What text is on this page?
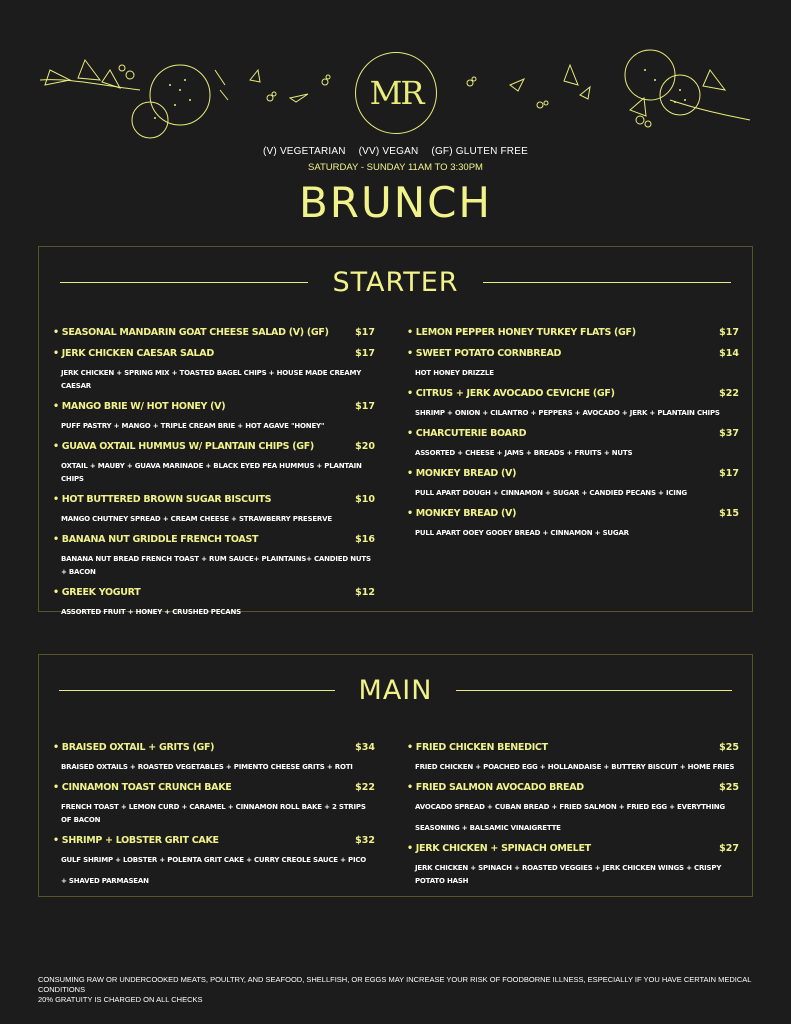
MR
(V) VEGETARIAN (VV) VEGAN (GF) GLUTEN FREE
SATURDAY - SUNDAY 11AM TO 3:30PM
BRUNCH
STARTER
• SEASONAL MANDARIN GOAT CHEESE SALAD (V) (GF)	$17
• JERK CHICKEN CAESAR SALAD	$17
JERK CHICKEN + SPRING MIX + TOASTED BAGEL CHIPS + HOUSE MADE CREAMY CAESAR
• MANGO BRIE W/ HOT HONEY (V)	$17
PUFF PASTRY + MANGO + TRIPLE CREAM BRIE + HOT AGAVE "HONEY"
• GUAVA OXTAIL HUMMUS W/ PLANTAIN CHIPS (GF)	$20
OXTAIL + MAUBY + GUAVA MARINADE + BLACK EYED PEA HUMMUS + PLANTAIN CHIPS
• HOT BUTTERED BROWN SUGAR BISCUITS	$10
MANGO CHUTNEY SPREAD + CREAM CHEESE + STRAWBERRY PRESERVE
• BANANA NUT GRIDDLE FRENCH TOAST	$16
BANANA NUT BREAD FRENCH TOAST + RUM SAUCE+ PLAINTAINS+ CANDIED NUTS + BACON
• GREEK YOGURT	$12
ASSORTED FRUIT + HONEY + CRUSHED PECANS
• LEMON PEPPER HONEY TURKEY FLATS (GF)	$17
• SWEET POTATO CORNBREAD	$14
HOT HONEY DRIZZLE
• CITRUS + JERK AVOCADO CEVICHE (GF)	$22
SHRIMP + ONION + CILANTRO + PEPPERS + AVOCADO + JERK + PLANTAIN CHIPS
• CHARCUTERIE BOARD	$37
ASSORTED + CHEESE + JAMS + BREADS + FRUITS + NUTS
• MONKEY BREAD (V)	$17
PULL APART DOUGH + CINNAMON + SUGAR + CANDIED PECANS + ICING
• MONKEY BREAD (V)	$15
PULL APART OOEY GOOEY BREAD + CINNAMON + SUGAR
MAIN
• BRAISED OXTAIL + GRITS (GF)	$34
BRAISED OXTAILS + ROASTED VEGETABLES + PIMENTO CHEESE GRITS + ROTI
• CINNAMON TOAST CRUNCH BAKE	$22
FRENCH TOAST + LEMON CURD + CARAMEL + CINNAMON ROLL BAKE + 2 STRIPS OF BACON
• SHRIMP + LOBSTER GRIT CAKE	$32
GULF SHRIMP + LOBSTER + POLENTA GRIT CAKE + CURRY CREOLE SAUCE + PICO
+ SHAVED PARMASEAN
• FRIED CHICKEN BENEDICT	$25
FRIED CHICKEN + POACHED EGG + HOLLANDAISE + BUTTERY BISCUIT + HOME FRIES
• FRIED SALMON AVOCADO BREAD	$25
AVOCADO SPREAD + CUBAN BREAD + FRIED SALMON + FRIED EGG + EVERYTHING
SEASONING + BALSAMIC VINAIGRETTE
• JERK CHICKEN + SPINACH OMELET	$27
JERK CHICKEN + SPINACH + ROASTED VEGGIES + JERK CHICKEN WINGS + CRISPY POTATO HASH
CONSUMING RAW OR UNDERCOOKED MEATS, POULTRY, AND SEAFOOD, SHELLFISH, OR EGGS MAY INCREASE YOUR RISK OF FOODBORNE ILLNESS, ESPECIALLY IF YOU HAVE CERTAIN MEDICAL CONDITIONS
20% GRATUITY IS CHARGED ON ALL CHECKS
